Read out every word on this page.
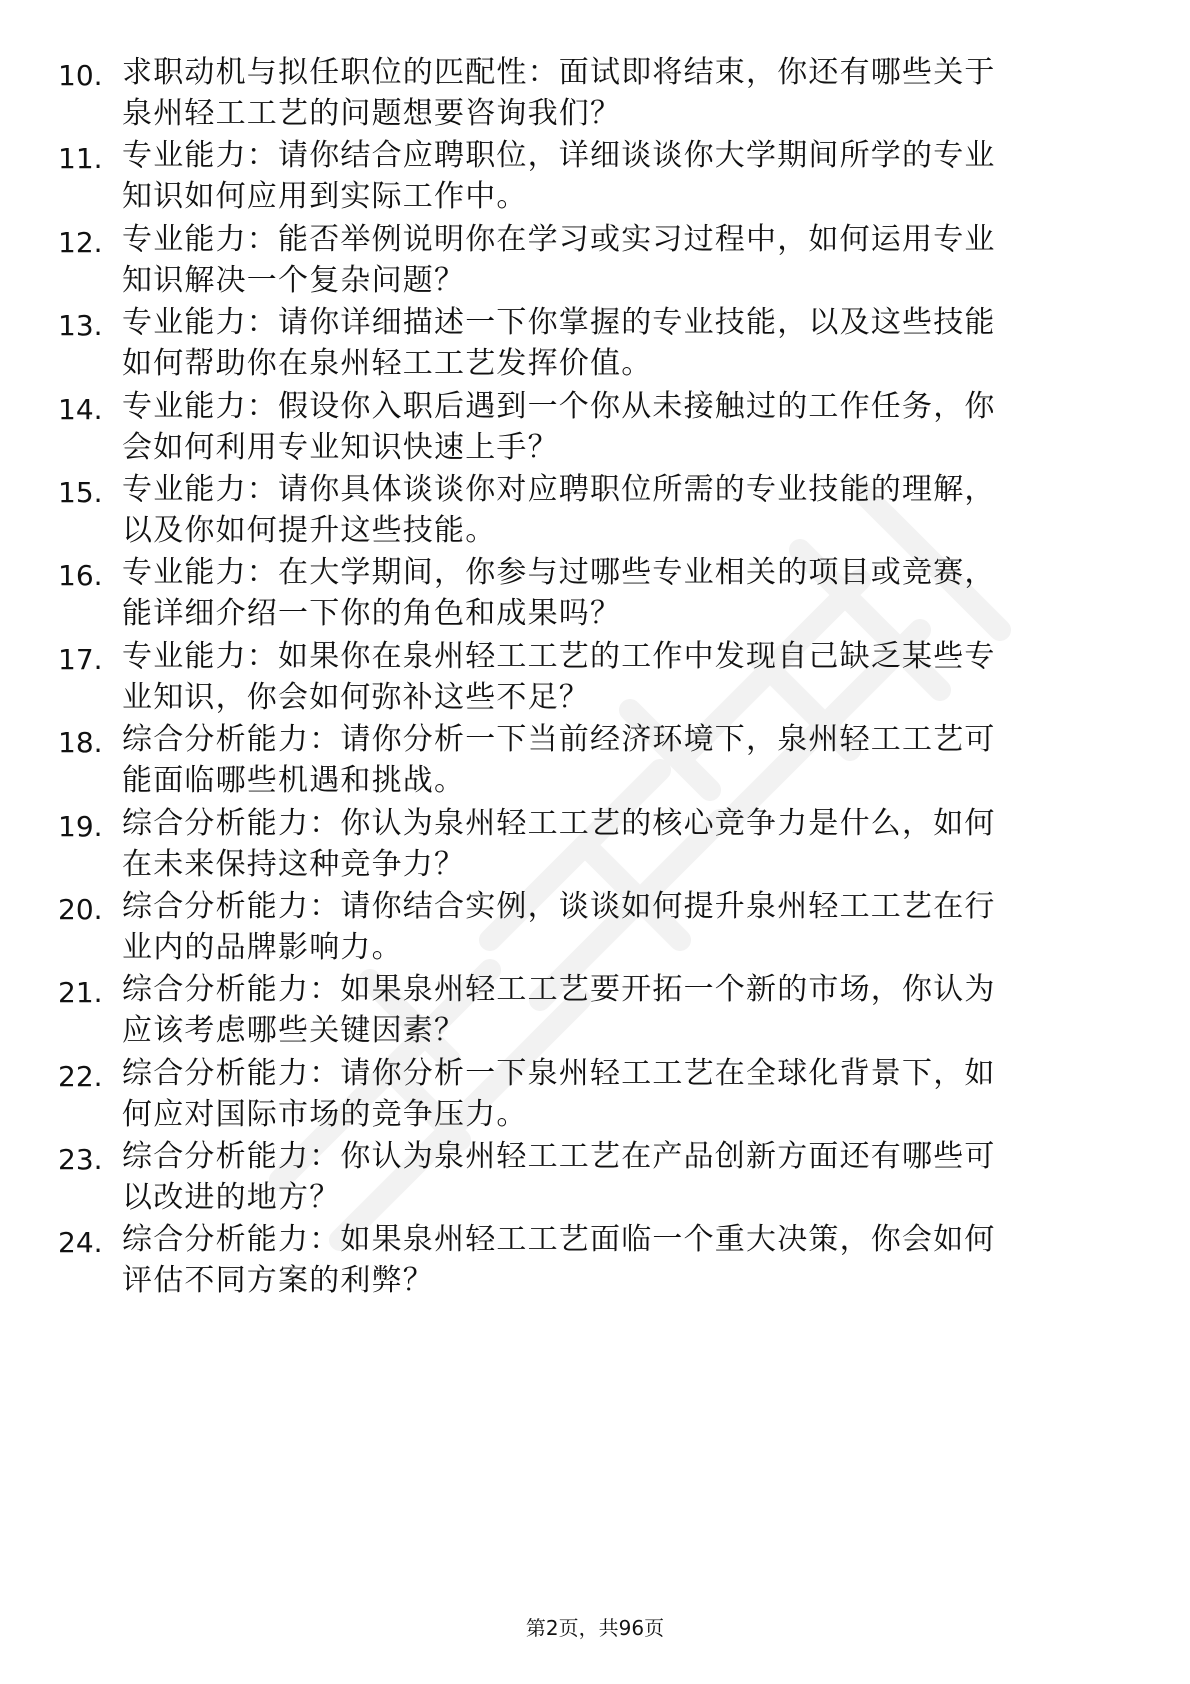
10. 求职动机与拟任职位的匹配性：面试即将结束，你还有哪些关于
泉州轻工工艺的问题想要咨询我们？
11. 专业能力：请你结合应聘职位，详细谈谈你大学期间所学的专业
知识如何应用到实际工作中。
12. 专业能力：能否举例说明你在学习或实习过程中，如何运用专业
知识解决一个复杂问题？
13. 专业能力：请你详细描述一下你掌握的专业技能，以及这些技能
如何帮助你在泉州轻工工艺发挥价值。
14. 专业能力：假设你入职后遇到一个你从未接触过的工作任务，你
会如何利用专业知识快速上手？
15. 专业能力：请你具体谈谈你对应聘职位所需的专业技能的理解，
以及你如何提升这些技能。
16. 专业能力：在大学期间，你参与过哪些专业相关的项目或竞赛，
能详细介绍一下你的角色和成果吗？
17. 专业能力：如果你在泉州轻工工艺的工作中发现自己缺乏某些专
业知识，你会如何弥补这些不足？
18. 综合分析能力：请你分析一下当前经济环境下，泉州轻工工艺可
能面临哪些机遇和挑战。
19. 综合分析能力：你认为泉州轻工工艺的核心竞争力是什么，如何
在未来保持这种竞争力？
20. 综合分析能力：请你结合实例，谈谈如何提升泉州轻工工艺在行
业内的品牌影响力。
21. 综合分析能力：如果泉州轻工工艺要开拓一个新的市场，你认为
应该考虑哪些关键因素？
22. 综合分析能力：请你分析一下泉州轻工工艺在全球化背景下，如
何应对国际市场的竞争压力。
23. 综合分析能力：你认为泉州轻工工艺在产品创新方面还有哪些可
以改进的地方？
24. 综合分析能力：如果泉州轻工工艺面临一个重大决策，你会如何
评估不同方案的利弊？
第2页，共96页
